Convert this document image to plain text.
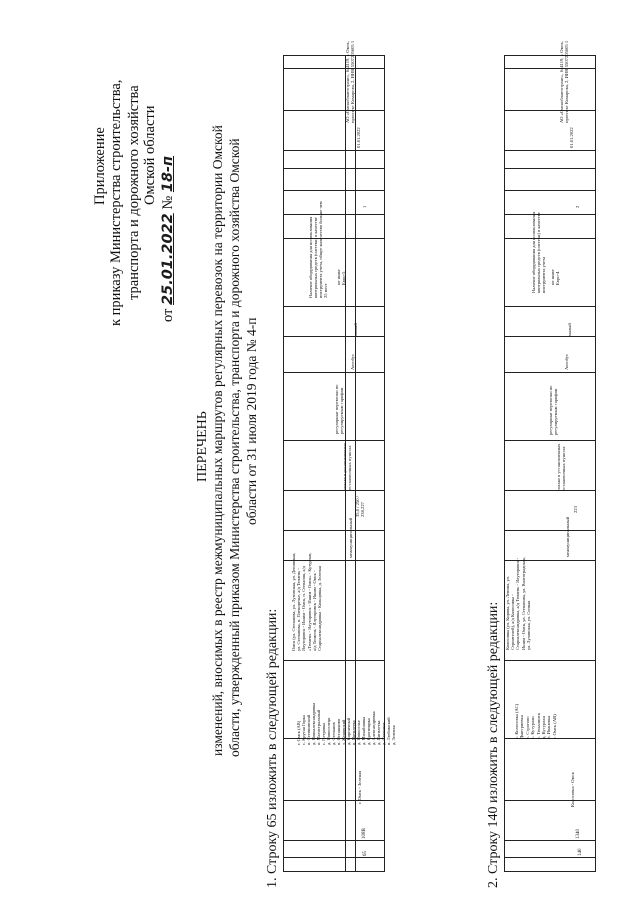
Приложение к приказу Министерства строительства, транспорта и дорожного хозяйства Омской области
от 25.01.2022 № 18-п
ПЕРЕЧЕНЬ изменений, вносимых в реестр межмуниципальных маршрутов регулярных перевозок на территории Омской области, утвержденный приказом Министерства строительства, транспорта и дорожного хозяйства Омской области от 31 июля 2019 года № 4-п
1. Строку 65 изложить в следующей редакции:	65
108В
г. Омск - Зеленая
г. Омск (АВ)
с. Крутая Горка
п. Степнинский
д. Новоалександровка
п. Магистральный
с. Петровка
д. Новоселецк
д. Степанов
п. Осташково
з. Жуковский
д. Кирпичный
п. Пятилетка
д. Новоселье
д. Михайловка
д. Красноярка
д. Александровка
д. Пятилетка
д. Степанок
п. Любимский
д. Зеленая
Омск (ул. Степанова, ул. Лузинская, ул. Деповская, ул. Степанова, п. Пленоречье, а/д Тюмень - Ялуторовск - Ишим - Омск, п. Степанок, а/д «Тюмень - Ялуторовск - Ишим - Омск» - Кутурлан, а/д Тюмень - Ялуторовск - Ишим - Омск - Староалександровка - Кольцовка, д. Зеленая
межмуниципальный
35,0 / 250 / 238,227
только в установленных остановочных пунктах
регулярные перевозки по регулируемым тарифам
Автобус
малый
не ниже Евро-5
Наличие оборудования для использования контрольных средств (система) в качестве инструмента учета, общее количество больше чем 25 мест
1
01.01.2022
АО «Омскоблавтотранс», 644119, г. Омск, проспект Комарова, 2, ИНН 5507205605 1
2. Строку 140 изложить в следующей редакции:	140
1340
Колосовка - Омск
с. Колосовка (АС)
Дмитриевка
с. Строгово
с. Кутурлан
с. Тюкалинск
д. Кутурлан
п. Ивановка
г. Омск (АВ)
Колосовка (ул. Кирова, ул. Ленина, ул. Строителей), а/д Колосовка - Староалександровка, а/д Тюмень - Ялуторовск - Ишим - Омск, ул. Степанова, ул. Волгоградская, ул. Лузинская, ул. Сенная
межмуниципальный
223
только в установленных остановочных пунктах
регулярные перевозки по регулируемым тарифам
Автобус
малый
не ниже Евро-4
Наличие оборудования для использования контрольных средств (система) в качестве инструмента учета
2
01.01.2022
АО «Омскоблавтотранс», 644119, г. Омск, проспект Комарова, 2, ИНН 5507205605 1
